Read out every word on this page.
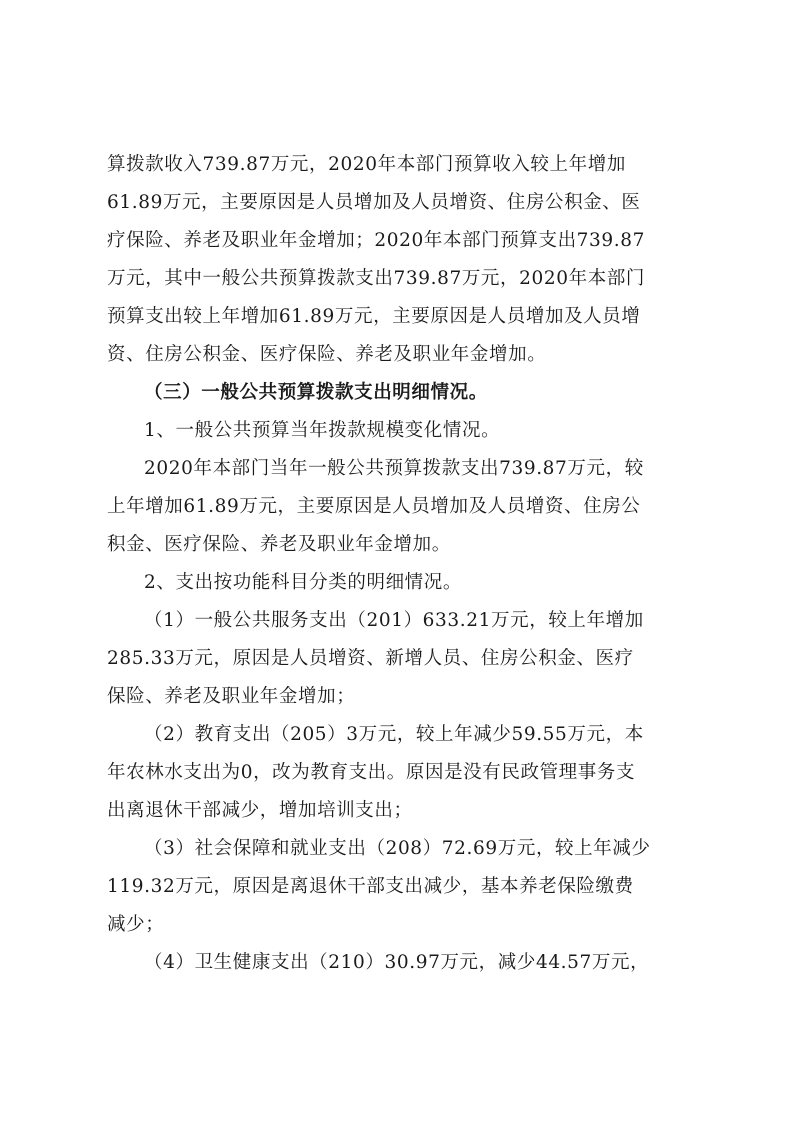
算拨款收入739.87万元，2020年本部门预算收入较上年增加
61.89万元，主要原因是人员增加及人员增资、住房公积金、医
疗保险、养老及职业年金增加；2020年本部门预算支出739.87
万元，其中一般公共预算拨款支出739.87万元，2020年本部门
预算支出较上年增加61.89万元，主要原因是人员增加及人员增
资、住房公积金、医疗保险、养老及职业年金增加。
（三）一般公共预算拨款支出明细情况。
1、一般公共预算当年拨款规模变化情况。
2020年本部门当年一般公共预算拨款支出739.87万元，较
上年增加61.89万元，主要原因是人员增加及人员增资、住房公
积金、医疗保险、养老及职业年金增加。
2、支出按功能科目分类的明细情况。
（1）一般公共服务支出（201）633.21万元，较上年增加
285.33万元，原因是人员增资、新增人员、住房公积金、医疗
保险、养老及职业年金增加；
（2）教育支出（205）3万元，较上年减少59.55万元，本
年农林水支出为0，改为教育支出。原因是没有民政管理事务支
出离退休干部减少，增加培训支出；
（3）社会保障和就业支出（208）72.69万元，较上年减少
119.32万元，原因是离退休干部支出减少，基本养老保险缴费
减少；
（4）卫生健康支出（210）30.97万元，减少44.57万元，
